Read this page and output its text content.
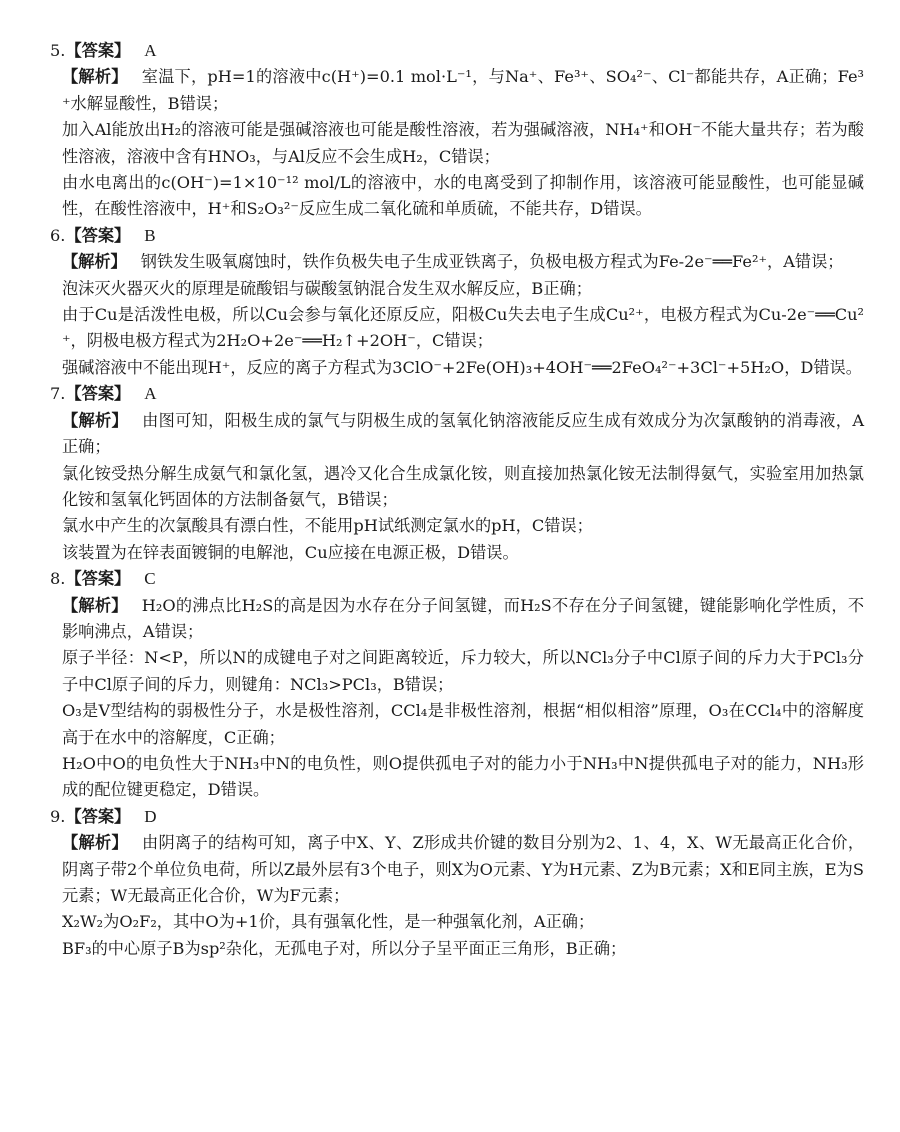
5.【答案】 A
【解析】 室温下，pH=1的溶液中c(H⁺)=0.1 mol·L⁻¹，与Na⁺、Fe³⁺、SO₄²⁻、Cl⁻都能共存，A正确；Fe³⁺水解显酸性，B错误；
加入Al能放出H₂的溶液可能是强碱溶液也可能是酸性溶液，若为强碱溶液，NH₄⁺和OH⁻不能大量共存；若为酸性溶液，溶液中含有HNO₃，与Al反应不会生成H₂，C错误；
由水电离出的c(OH⁻)=1×10⁻¹² mol/L的溶液中，水的电离受到了抑制作用，该溶液可能显酸性，也可能显碱性，在酸性溶液中，H⁺和S₂O₃²⁻反应生成二氧化硫和单质硫，不能共存，D错误。
6.【答案】 B
【解析】 钢铁发生吸氧腐蚀时，铁作负极失电子生成亚铁离子，负极电极方程式为Fe-2e⁻══Fe²⁺，A错误；
泡沫灭火器灭火的原理是硫酸铝与碳酸氢钠混合发生双水解反应，B正确；
由于Cu是活泼性电极，所以Cu会参与氧化还原反应，阳极Cu失去电子生成Cu²⁺，电极方程式为Cu-2e⁻══Cu²⁺，阴极电极方程式为2H₂O+2e⁻══H₂↑+2OH⁻，C错误；
强碱溶液中不能出现H⁺，反应的离子方程式为3ClO⁻+2Fe(OH)₃+4OH⁻══2FeO₄²⁻+3Cl⁻+5H₂O，D错误。
7.【答案】 A
【解析】 由图可知，阳极生成的氯气与阴极生成的氢氧化钠溶液能反应生成有效成分为次氯酸钠的消毒液，A正确；
氯化铵受热分解生成氨气和氯化氢，遇冷又化合生成氯化铵，则直接加热氯化铵无法制得氨气，实验室用加热氯化铵和氢氧化钙固体的方法制备氨气，B错误；
氯水中产生的次氯酸具有漂白性，不能用pH试纸测定氯水的pH，C错误；
该装置为在锌表面镀铜的电解池，Cu应接在电源正极，D错误。
8.【答案】 C
【解析】 H₂O的沸点比H₂S的高是因为水存在分子间氢键，而H₂S不存在分子间氢键，键能影响化学性质，不影响沸点，A错误；
原子半径：N<P，所以N的成键电子对之间距离较近，斥力较大，所以NCl₃分子中Cl原子间的斥力大于PCl₃分子中Cl原子间的斥力，则键角：NCl₃>PCl₃，B错误；
O₃是V型结构的弱极性分子，水是极性溶剂，CCl₄是非极性溶剂，根据“相似相溶”原理，O₃在CCl₄中的溶解度高于在水中的溶解度，C正确；
H₂O中O的电负性大于NH₃中N的电负性，则O提供孤电子对的能力小于NH₃中N提供孤电子对的能力，NH₃形成的配位键更稳定，D错误。
9.【答案】 D
【解析】 由阴离子的结构可知，离子中X、Y、Z形成共价键的数目分别为2、1、4，X、W无最高正化合价，阴离子带2个单位负电荷，所以Z最外层有3个电子，则X为O元素、Y为H元素、Z为B元素；X和E同主族，E为S元素；W无最高正化合价，W为F元素；
X₂W₂为O₂F₂，其中O为+1价，具有强氧化性，是一种强氧化剂，A正确；
BF₃的中心原子B为sp²杂化，无孤电子对，所以分子呈平面正三角形，B正确；
